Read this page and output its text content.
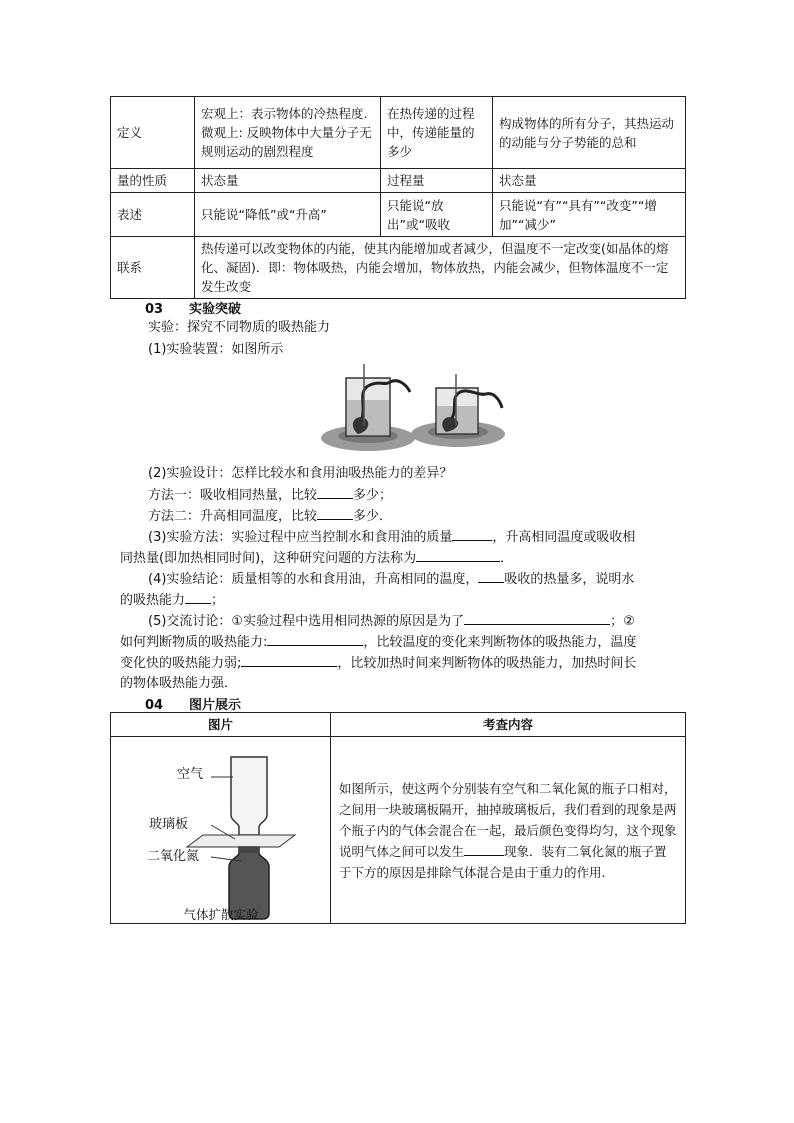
定义	宏观上：表示物体的冷热程度.微观上: 反映物体中大量分子无规则运动的剧烈程度	在热传递的过程中，传递能量的多少	构成物体的所有分子，其热运动的动能与分子势能的总和
量的性质	状态量	过程量	状态量
表述	只能说“降低”或“升高”	只能说“放出”或“吸收	只能说“有”“具有”“改变”“增加”“减少”
联系	热传递可以改变物体的内能，使其内能增加或者减少，但温度不一定改变(如晶体的熔化、凝固)．即：物体吸热，内能会增加，物体放热，内能会减少，但物体温度不一定发生改变		
03 实验突破
实验：探究不同物质的吸热能力
(1)实验装置：如图所示
(2)实验设计：怎样比较水和食用油吸热能力的差异？
方法一：吸收相同热量，比较	多少；
方法二：升高相同温度，比较	多少．
(3)实验方法：实验过程中应当控制水和食用油的质量	，升高相同温度或吸收相
同热量(即加热相同时间)，这种研究问题的方法称为	．
(4)实验结论：质量相等的水和食用油，升高相同的温度， 吸收的热量多，说明水
的吸热能力 ；
(5)交流讨论：①实验过程中选用相同热源的原因是为了	；②
如何判断物质的吸热能力:	，比较温度的变化来判断物体的吸热能力，温度
变化快的吸热能力弱;	，比较加热时间来判断物体的吸热能力，加热时间长
的物体吸热能力强．
04 图片展示
图片	考查内容

空气
玻璃板
二氧化氮
气体扩散实验	如图所示，使这两个分别装有空气和二氧化氮的瓶子口相对，之间用一块玻璃板隔开，抽掉玻璃板后，我们看到的现象是两个瓶子内的气体会混合在一起，最后颜色变得均匀，这个现象说明气体之间可以发生 现象．装有二氧化氮的瓶子置于下方的原因是排除气体混合是由于重力的作用.
